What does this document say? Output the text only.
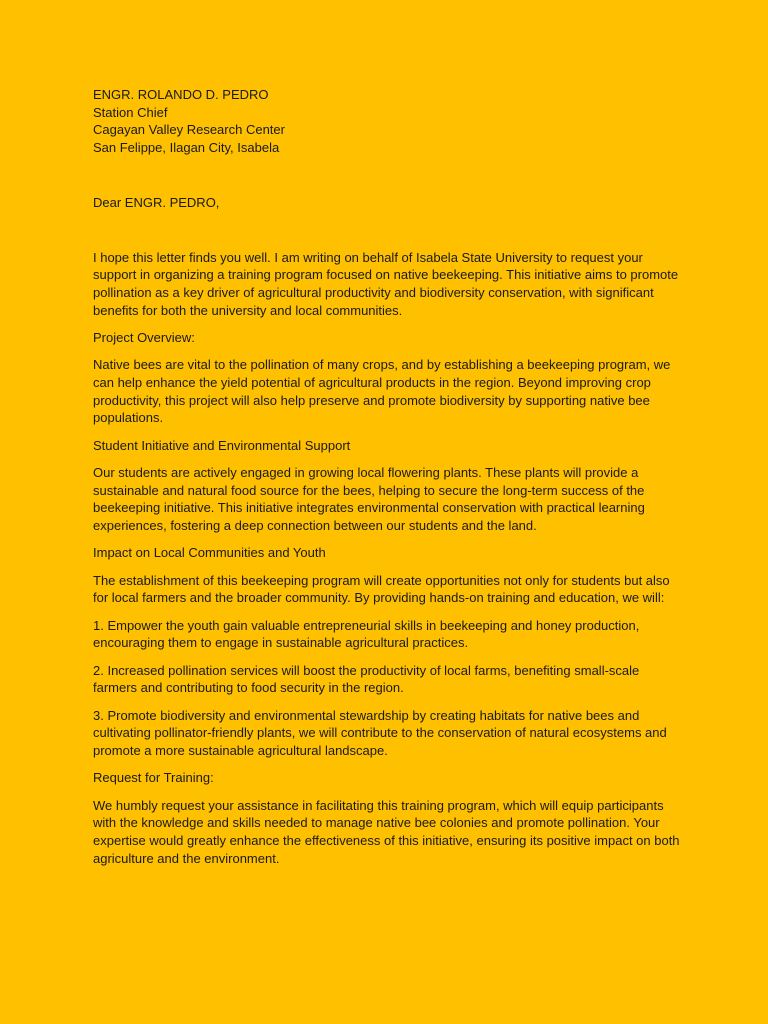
ENGR. ROLANDO D. PEDRO
Station Chief
Cagayan Valley Research Center
San Felippe, Ilagan City, Isabela
Dear ENGR. PEDRO,

I hope this letter finds you well. I am writing on behalf of Isabela State University to request your support in organizing a training program focused on native beekeeping. This initiative aims to promote pollination as a key driver of agricultural productivity and biodiversity conservation, with significant benefits for both the university and local communities.

Project Overview:

Native bees are vital to the pollination of many crops, and by establishing a beekeeping program, we can help enhance the yield potential of agricultural products in the region. Beyond improving crop productivity, this project will also help preserve and promote biodiversity by supporting native bee populations.

Student Initiative and Environmental Support

Our students are actively engaged in growing local flowering plants. These plants will provide a sustainable and natural food source for the bees, helping to secure the long-term success of the beekeeping initiative. This initiative integrates environmental conservation with practical learning experiences, fostering a deep connection between our students and the land.

Impact on Local Communities and Youth

The establishment of this beekeeping program will create opportunities not only for students but also for local farmers and the broader community. By providing hands-on training and education, we will:

1. Empower the youth gain valuable entrepreneurial skills in beekeeping and honey production, encouraging them to engage in sustainable agricultural practices.

2. Increased pollination services will boost the productivity of local farms, benefiting small-scale farmers and contributing to food security in the region.

3. Promote biodiversity and environmental stewardship by creating habitats for native bees and cultivating pollinator-friendly plants, we will contribute to the conservation of natural ecosystems and promote a more sustainable agricultural landscape.

Request for Training:

We humbly request your assistance in facilitating this training program, which will equip participants with the knowledge and skills needed to manage native bee colonies and promote pollination. Your expertise would greatly enhance the effectiveness of this initiative, ensuring its positive impact on both agriculture and the environment.
